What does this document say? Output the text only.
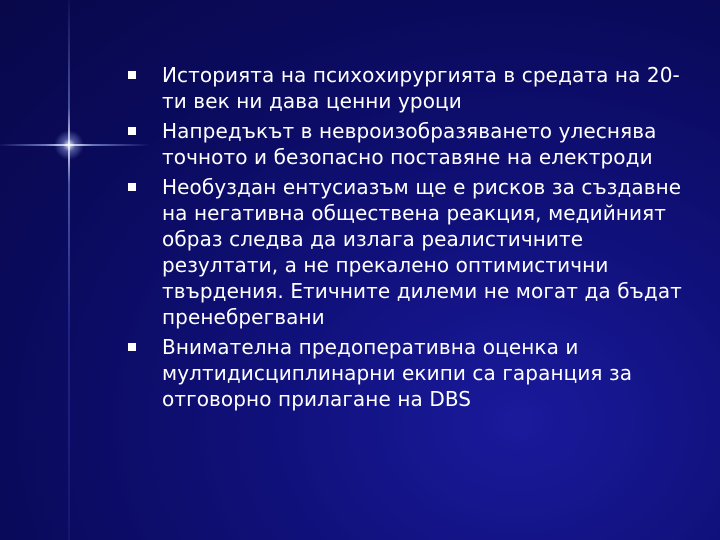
Историята на психохирургията в средата на 20-ти век ни дава ценни уроци
Напредъкът в невроизобразяването улеснява точното и безопасно поставяне на електроди
Необуздан ентусиазъм ще е рисков за създавне на негативна обществена реакция, медийният образ следва да излага реалистичните резултати, а не прекалено оптимистични твърдения. Етичните дилеми не могат да бъдат пренебрегвани
Внимателна предоперативна оценка и мултидисциплинарни екипи са гаранция за отговорно прилагане на DBS
